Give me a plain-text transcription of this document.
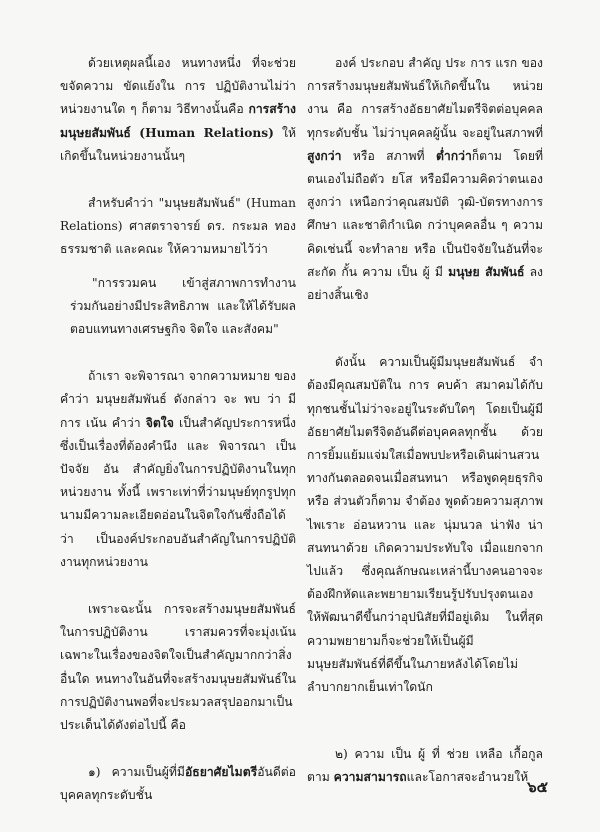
ด้วยเหตุผลนี้เอง หนทางหนึ่ง ที่จะช่วยขจัดความ ขัดแย้งใน การ ปฏิบัติงานไม่ว่า หน่วยงานใด ๆ ก็ตาม วิธีทางนั้นคือ การสร้างมนุษยสัมพันธ์ (Human Relations) ให้เกิดขึ้นในหน่วยงานนั้นๆ

สำหรับคำว่า "มนุษยสัมพันธ์" (Human Relations) ศาสตราจารย์ ดร. กระมล ทองธรรมชาติ และคณะ ให้ความหมายไว้ว่า

"การรวมคน เข้าสู่สภาพการทำงาน ร่วมกันอย่างมีประสิทธิภาพ และให้ได้รับผลตอบแทนทางเศรษฐกิจ จิตใจ และสังคม"

ถ้าเรา จะพิจารณา จากความหมาย ของคำว่า มนุษยสัมพันธ์ ดังกล่าว จะ พบ ว่า มี การ เน้น คำว่า จิตใจ เป็นสำคัญประการหนึ่ง ซึ่งเป็นเรื่องที่ต้องคำนึง และ พิจารณา เป็น ปัจจัย อัน สำคัญยิ่งในการปฏิบัติงานในทุกหน่วยงาน ทั้งนี้ เพราะเท่าที่ว่ามนุษย์ทุกรูปทุกนามมีความละเอียดอ่อนในจิตใจกันซึ่งถือได้ว่า เป็นองค์ประกอบอันสำคัญในการปฏิบัติงานทุกหน่วยงาน

เพราะฉะนั้น การจะสร้างมนุษยสัมพันธ์ในการปฏิบัติงาน เราสมควรที่จะมุ่งเน้นเฉพาะในเรื่องของจิตใจเป็นสำคัญมากกว่าสิ่งอื่นใด หนทางในอันที่จะสร้างมนุษยสัมพันธ์ในการปฏิบัติงานพอที่จะประมวลสรุปออกมาเป็นประเด็นได้ดังต่อไปนี้ คือ

๑) ความเป็นผู้ที่มีอัธยาศัยไมตรีอันดีต่อบุคคลทุกระดับชั้น

องค์ ประกอบ สำคัญ ประ การ แรก ของ การสร้างมนุษยสัมพันธ์ให้เกิดขึ้นใน หน่วยงาน คือ การสร้างอัธยาศัยไมตรีจิตต่อบุคคลทุกระดับชั้น ไม่ว่าบุคคลผู้นั้น จะอยู่ในสภาพที่ สูงกว่า หรือ สภาพที่ ต่ำกว่าก็ตาม โดยที่ตนเองไม่ถือตัว ยโส หรือมีความคิดว่าตนเองสูงกว่า เหนือกว่าคุณสมบัติ วุฒิ-บัตรทางการศึกษา และชาติกำเนิด กว่าบุคคลอื่น ๆ ความคิดเช่นนี้ จะทำลาย หรือ เป็นปัจจัยในอันที่จะสะกัด กั้น ความ เป็น ผู้ มี มนุษย สัมพันธ์ ลง อย่างสิ้นเชิง

ดังนั้น ความเป็นผู้มีมนุษยสัมพันธ์ จำต้องมีคุณสมบัติใน การ คบค้า สมาคมได้กับทุกชนชั้นไม่ว่าจะอยู่ในระดับใดๆ โดยเป็นผู้มีอัธยาศัยไมตรีจิตอันดีต่อบุคคลทุกชั้น ด้วยการยิ้มแย้มแจ่มใสเมื่อพบปะหรือเดินผ่านสวนทางกันตลอดจนเมื่อสนทนา หรือพูดคุยธุรกิจ หรือ ส่วนตัวก็ตาม จำต้อง พูดด้วยความสุภาพไพเราะ อ่อนหวาน และ นุ่มนวล น่าฟัง น่าสนทนาด้วย เกิดความประทับใจ เมื่อแยกจากไปแล้ว ซึ่งคุณลักษณะเหล่านี้บางคนอาจจะต้องฝึกหัดและพยายามเรียนรู้ปรับปรุงตนเองให้พัฒนาดีขึ้นกว่าอุปนิสัยที่มีอยู่เดิม ในที่สุดความพยายามก็จะช่วยให้เป็นผู้มีมนุษยสัมพันธ์ที่ดีขึ้นในภายหลังได้โดยไม่ลำบากยากเย็นเท่าใดนัก

๒) ความ เป็น ผู้ ที่ ช่วย เหลือ เกื้อกูล ตาม ความสามารถและโอกาสจะอำนวยให้

๖๕
